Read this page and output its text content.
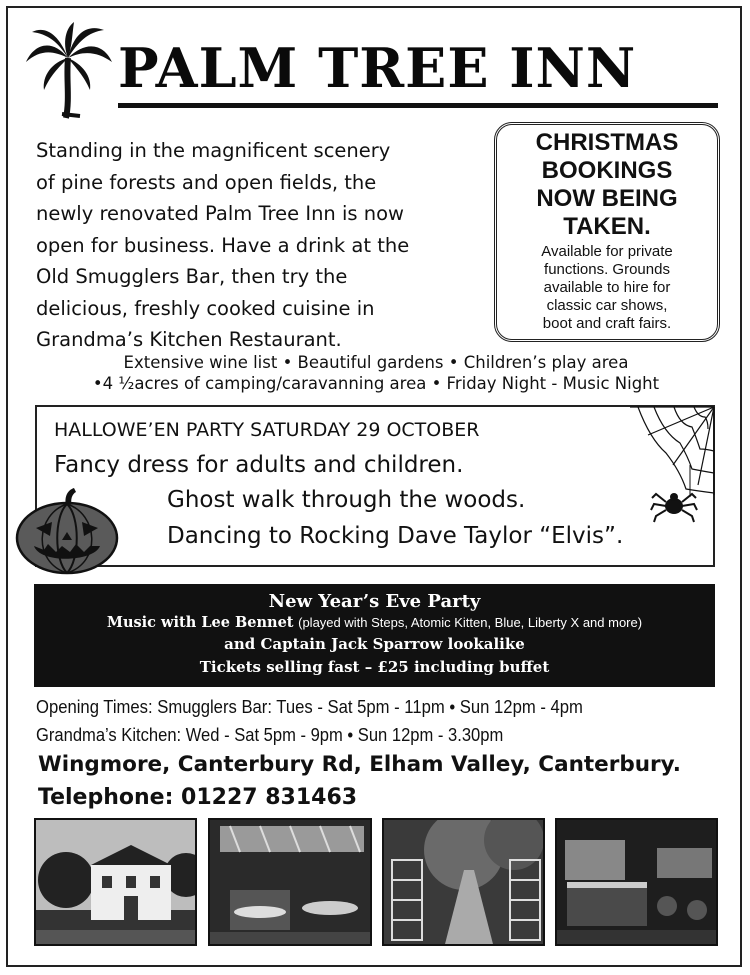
PALM TREE INN
Standing in the magnificent scenery
of pine forests and open fields, the
newly renovated Palm Tree Inn is now
open for business. Have a drink at the
Old Smugglers Bar, then try the
delicious, freshly cooked cuisine in
Grandma’s Kitchen Restaurant.
CHRISTMAS
BOOKINGS
NOW BEING
TAKEN.
Available for private
functions. Grounds
available to hire for
classic car shows,
boot and craft fairs.
Extensive wine list • Beautiful gardens • Children’s play area
•4 ½acres of camping/caravanning area • Friday Night - Music Night
HALLOWE’EN PARTY SATURDAY 29 OCTOBER
Fancy dress for adults and children.
Ghost walk through the woods.
Dancing to Rocking Dave Taylor “Elvis”.
New Year’s Eve Party
Music with Lee Bennet (played with Steps, Atomic Kitten, Blue, Liberty X and more)
and Captain Jack Sparrow lookalike
Tickets selling fast – £25 including buffet
Opening Times: Smugglers Bar: Tues - Sat 5pm - 11pm • Sun 12pm - 4pm
Grandma’s Kitchen: Wed - Sat 5pm - 9pm • Sun 12pm - 3.30pm
Wingmore, Canterbury Rd, Elham Valley, Canterbury.
Telephone: 01227 831463
